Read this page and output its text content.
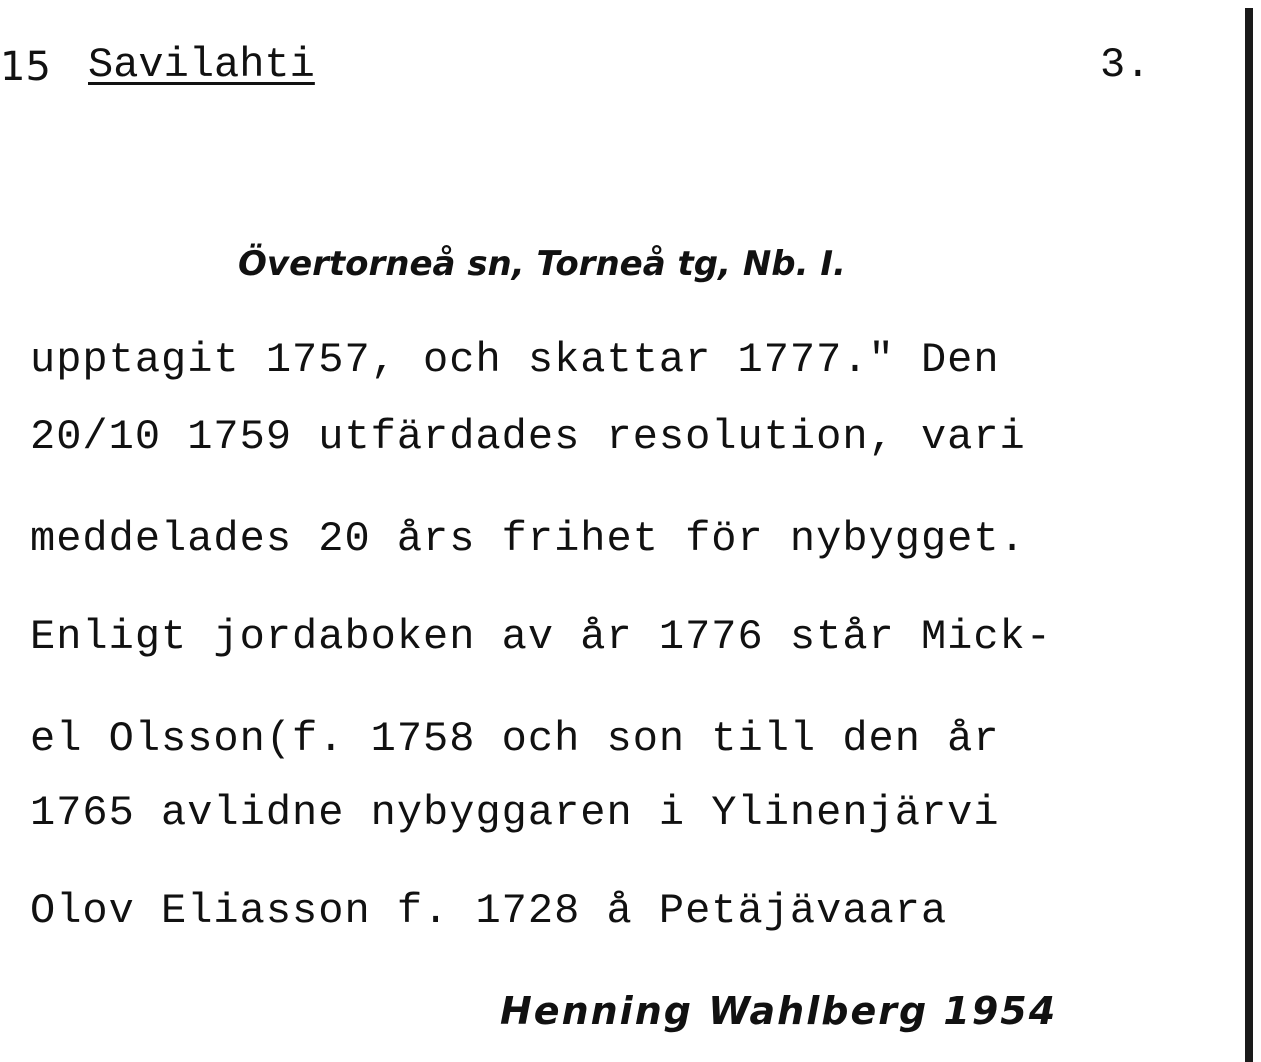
15 Savilahti	3.
Övertorneå sn, Torneå tg, Nb. I.
upptagit 1757, och skattar 1777." Den
20/10 1759 utfärdades resolution, vari
meddelades 20 års frihet för nybygget.
Enligt jordaboken av år 1776 står Mick-
el Olsson(f. 1758 och son till den år
1765 avlidne nybyggaren i Ylinenjärvi
Olov Eliasson f. 1728 å Petäjävaara
Henning Wahlberg 1954
